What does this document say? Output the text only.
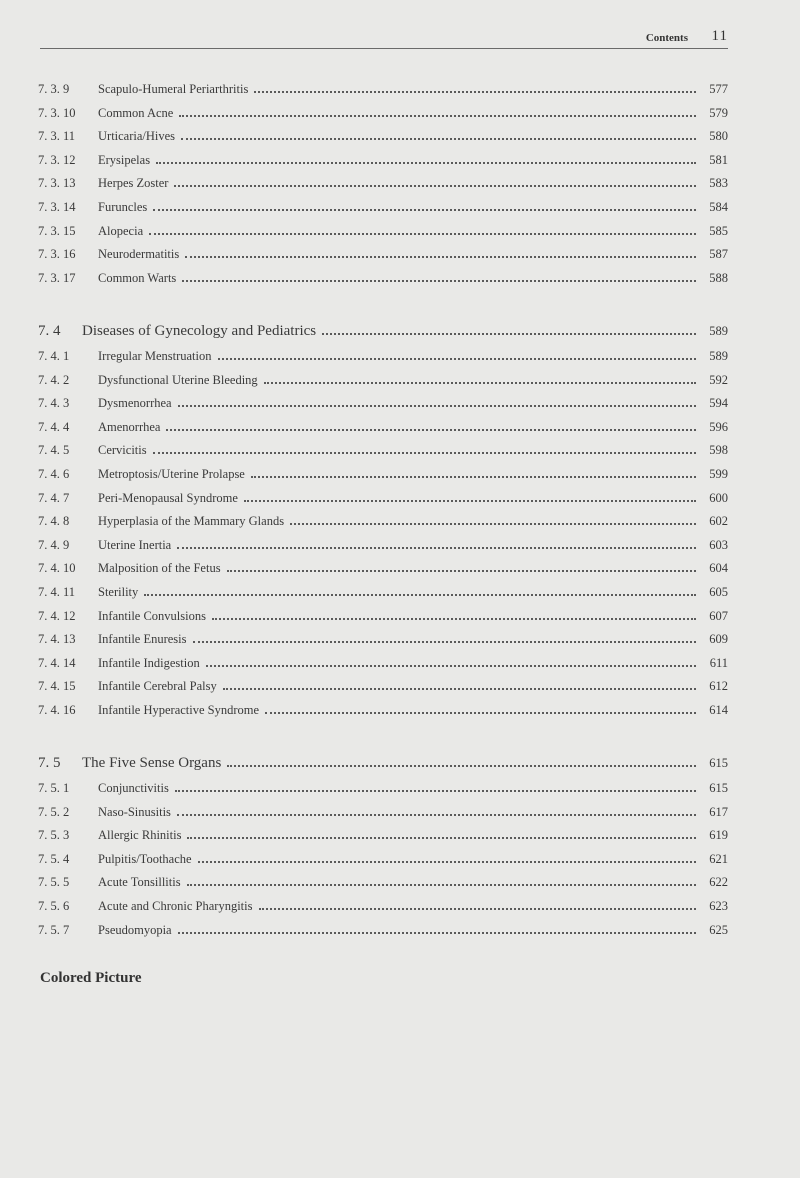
Contents 11
7. 3. 9	Scapulo-Humeral Periarthritis	577
7. 3. 10	Common Acne	579
7. 3. 11	Urticaria/Hives	580
7. 3. 12	Erysipelas	581
7. 3. 13	Herpes Zoster	583
7. 3. 14	Furuncles	584
7. 3. 15	Alopecia	585
7. 3. 16	Neurodermatitis	587
7. 3. 17	Common Warts	588
7. 4	Diseases of Gynecology and Pediatrics	589
7. 4. 1	Irregular Menstruation	589
7. 4. 2	Dysfunctional Uterine Bleeding	592
7. 4. 3	Dysmenorrhea	594
7. 4. 4	Amenorrhea	596
7. 4. 5	Cervicitis	598
7. 4. 6	Metroptosis/Uterine Prolapse	599
7. 4. 7	Peri-Menopausal Syndrome	600
7. 4. 8	Hyperplasia of the Mammary Glands	602
7. 4. 9	Uterine Inertia	603
7. 4. 10	Malposition of the Fetus	604
7. 4. 11	Sterility	605
7. 4. 12	Infantile Convulsions	607
7. 4. 13	Infantile Enuresis	609
7. 4. 14	Infantile Indigestion	611
7. 4. 15	Infantile Cerebral Palsy	612
7. 4. 16	Infantile Hyperactive Syndrome	614
7. 5	The Five Sense Organs	615
7. 5. 1	Conjunctivitis	615
7. 5. 2	Naso-Sinusitis	617
7. 5. 3	Allergic Rhinitis	619
7. 5. 4	Pulpitis/Toothache	621
7. 5. 5	Acute Tonsillitis	622
7. 5. 6	Acute and Chronic Pharyngitis	623
7. 5. 7	Pseudomyopia	625
Colored Picture
